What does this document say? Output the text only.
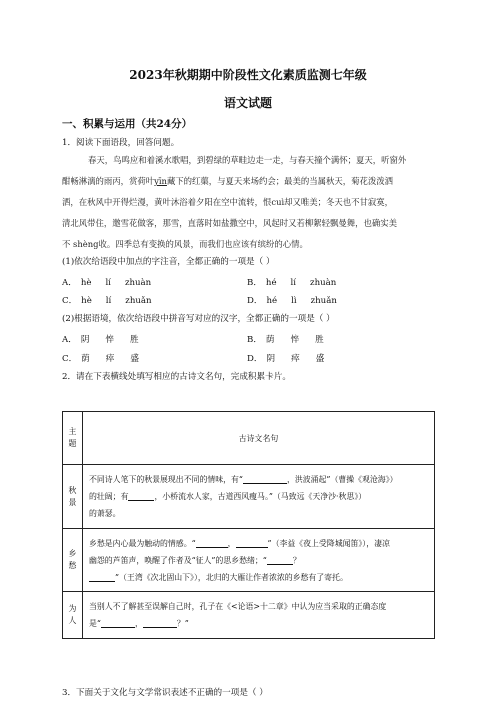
2023年秋期期中阶段性文化素质监测七年级
语文试题
一、积累与运用（共24分）
1．阅读下面语段，回答问题。
春天，鸟鸣应和着溪水歌唱，到碧绿的草畦边走一走，与春天撞个满怀；夏天，听窗外
酣畅淋漓的雨丙，赏荷叶yīn藏下的红蕖，与夏天来场约会；最美的当属秋天，菊花泼泼洒
洒，在秋风中开得烂漫，黄叶沐浴着夕阳在空中流转，恨cuì却又唯美；冬天也不甘寂寞，
清北风带住，邀雪花做客，那雪，直落时如盐撒空中，风起时又若柳絮轻飘曼舞，也确实美
不 shèng收。四季总有变换的风景，而我们也应该有缤纷的心情。
(1)依次给语段中加点的字注音，全都正确的一项是（ ）
A． hè lí zhuàn	B． hé lí zhuàn
C． hè lí zhuǎn	D． hé lì zhuǎn
(2)根据语境，依次给语段中拼音写对应的汉字，全都正确的一项是（ ）
A． 阴 悴 胜	B． 荫 悴 胜
C． 荫 瘁 盛	D． 阴 瘁 盛
2．请在下表横线处填写相应的古诗文名句，完成积累卡片。
主题	古诗文名句
秋景	不同诗人笔下的秋景展现出不同的情味，有“ ，洪波涌起”（曹操《观沧海》）
的壮阔；有 ，小桥流水人家，古道西风瘦马。”（马致远《天净沙·秋思》）
的萧瑟。

乡愁	乡愁是内心最为触动的情感。“ ， ”（李益《夜上受降城闻笛》），凄凉
幽怨的芦笛声，唤醒了作者及“征人”的思乡愁绪；“ ？
”（王湾《次北固山下》），北归的大雁让作者浓浓的乡愁有了寄托。

为人	当别人不了解甚至误解自己时，孔子在《<论语>十二章》中认为应当采取的正确态度
是“ ， ？”
3．下面关于文化与文学常识表述不正确的一项是（ ）
